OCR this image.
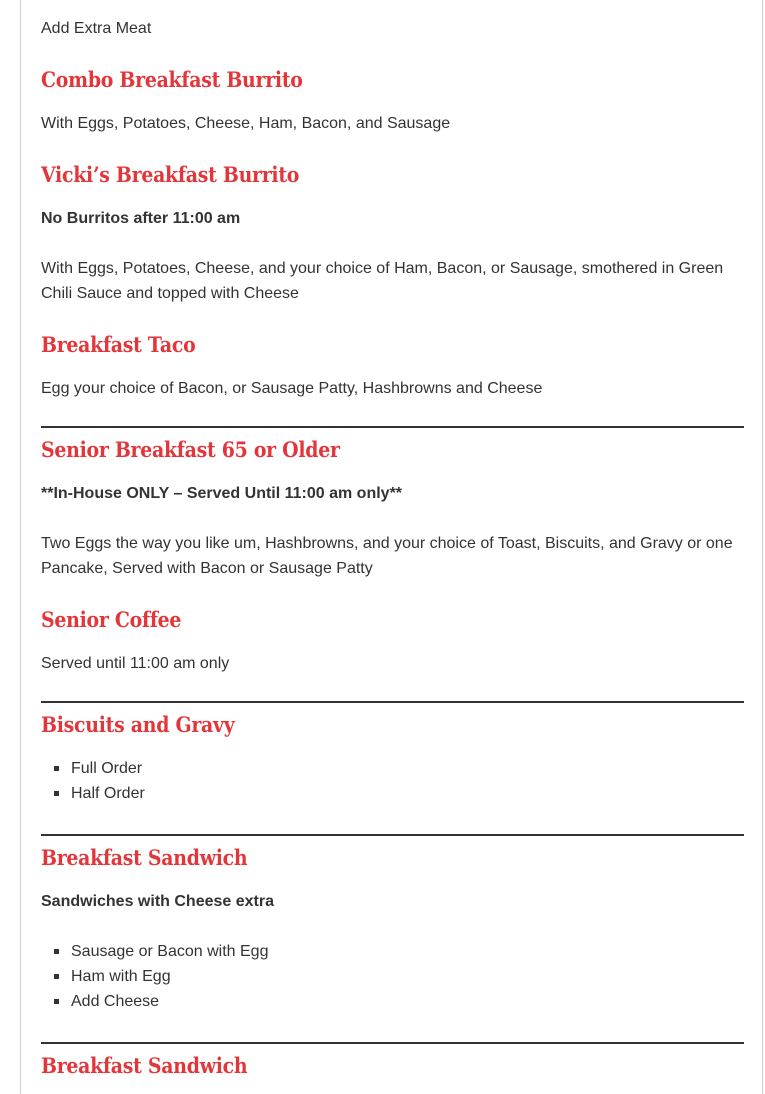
Add Extra Meat

Combo Breakfast Burrito

With Eggs, Potatoes, Cheese, Ham, Bacon, and Sausage

Vicki’s Breakfast Burrito

No Burritos after 11:00 am

With Eggs, Potatoes, Cheese, and your choice of Ham, Bacon, or Sausage, smothered in Green Chili Sauce and topped with Cheese

Breakfast Taco

Egg your choice of Bacon, or Sausage Patty, Hashbrowns and Cheese

Senior Breakfast 65 or Older

**In-House ONLY – Served Until 11:00 am only**

Two Eggs the way you like um, Hashbrowns, and your choice of Toast, Biscuits, and Gravy or one Pancake, Served with Bacon or Sausage Patty

Senior Coffee

Served until 11:00 am only

Biscuits and Gravy
Full Order
Half Order
Breakfast Sandwich

Sandwiches with Cheese extra

Sausage or Bacon with Egg
Ham with Egg
Add Cheese
Breakfast Sandwich
